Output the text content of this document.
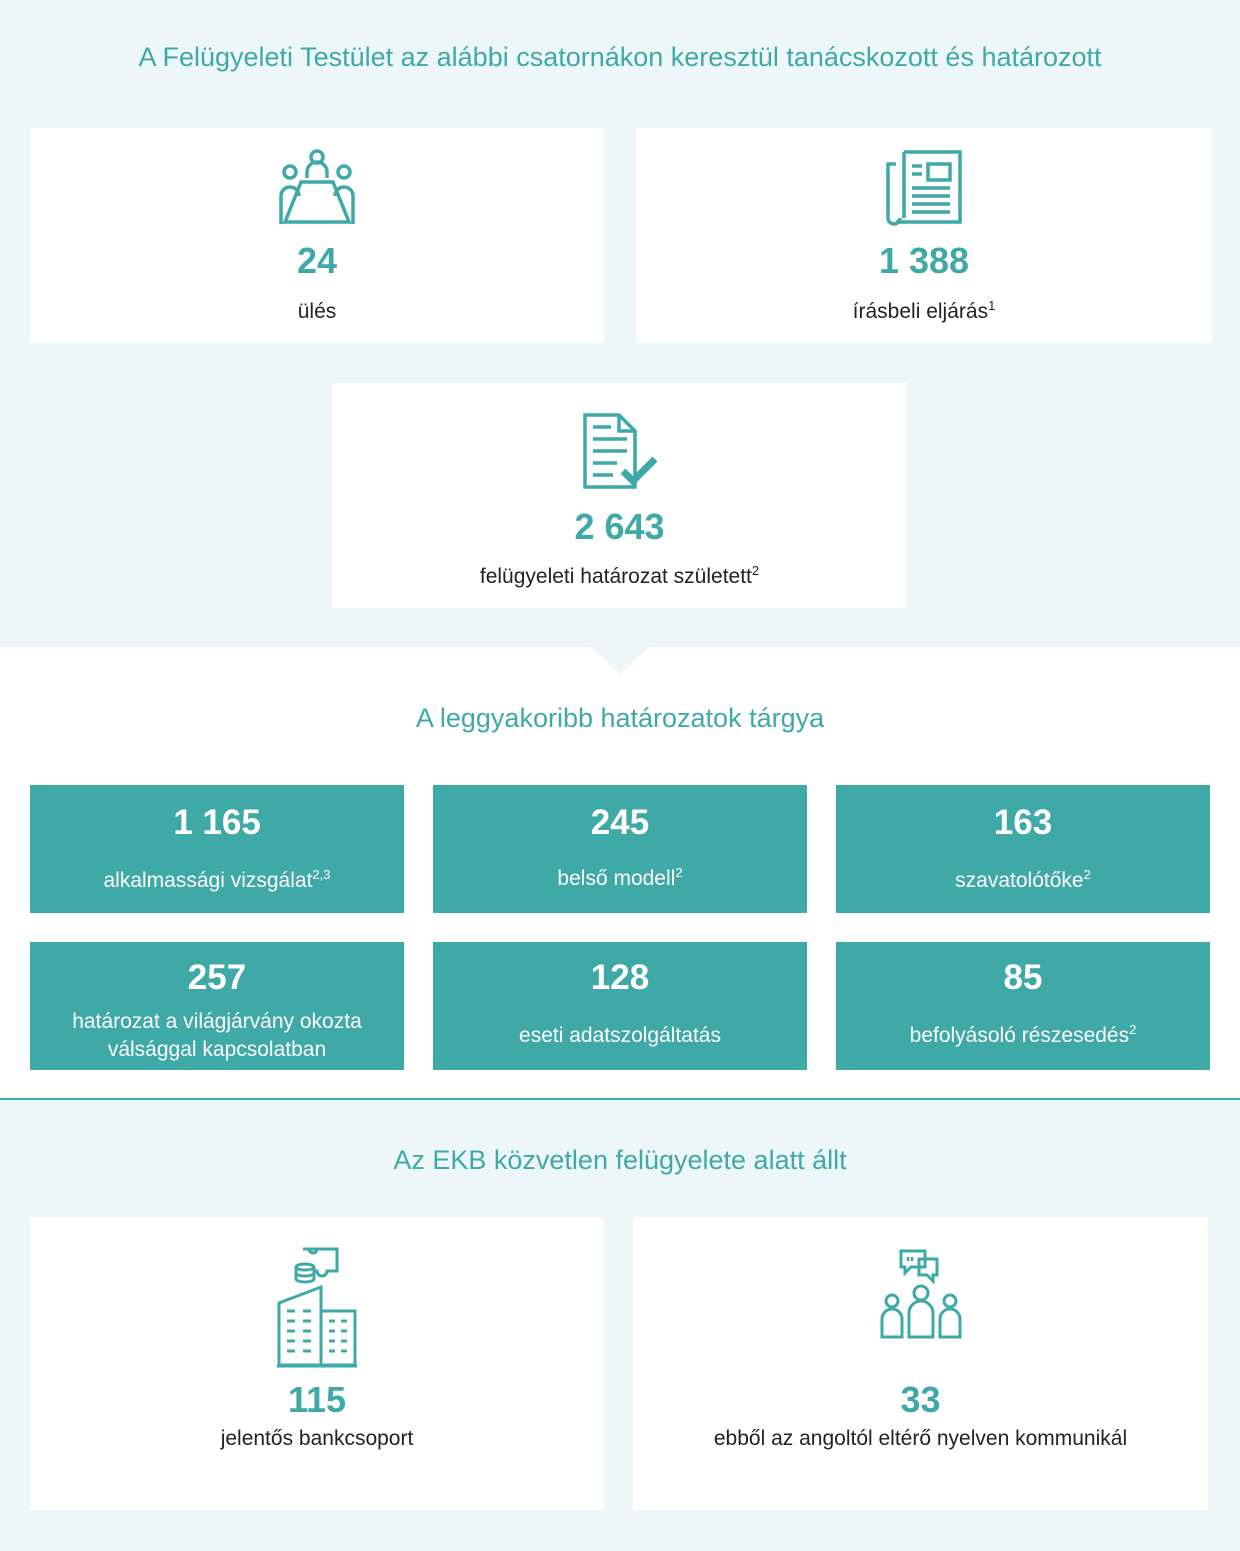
A Felügyeleti Testület az alábbi csatornákon keresztül tanácskozott és határozott
24
ülés
1 388
írásbeli eljárás$^1$
2 643
felügyeleti határozat született$^2$
A leggyakoribb határozatok tárgya
1 165
alkalmassági vizsgálat$^{2,3}$
245
belső modell$^2$
163
szavatolótőke$^2$
257
határozat a világjárvány okozta válsággal kapcsolatban
128
eseti adatszolgáltatás
85
befolyásoló részesedés$^2$
Az EKB közvetlen felügyelete alatt állt
115
jelentős bankcsoport
33
ebből az angoltól eltérő nyelven kommunikál
